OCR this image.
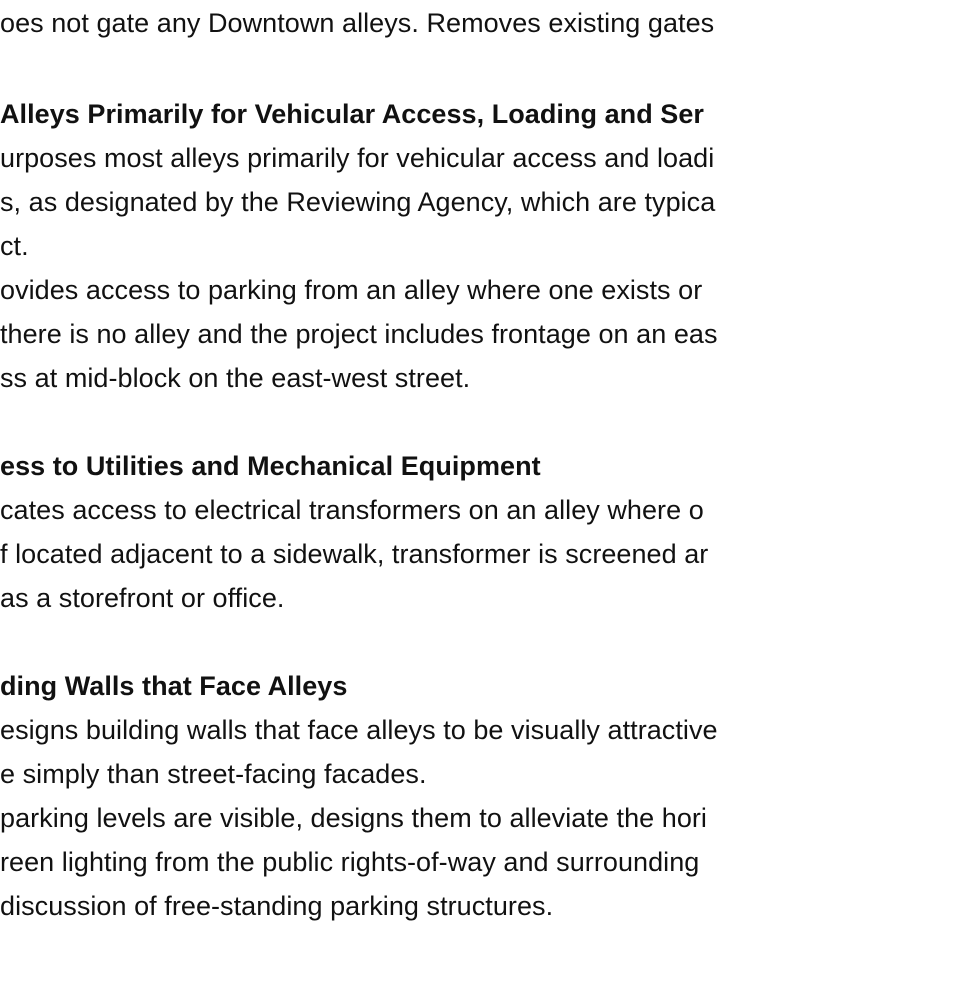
oes not gate any Downtown alleys. Removes existing gates
Alleys Primarily for Vehicular Access, Loading and Ser
urposes most alleys primarily for vehicular access and loadi
s, as designated by the Reviewing Agency, which are typica
ct.
ovides access to parking from an alley where one exists or
there is no alley and the project includes frontage on an eas
ss at mid-block on the east-west street.
ess to Utilities and Mechanical Equipment
cates access to electrical transformers on an alley where o
f located adjacent to a sidewalk, transformer is screened ar
as a storefront or office.
ding Walls that Face Alleys
esigns building walls that face alleys to be visually attractive
e simply than street-facing facades.
parking levels are visible, designs them to alleviate the hori
reen lighting from the public rights-of-way and surrounding
discussion of free-standing parking structures.
